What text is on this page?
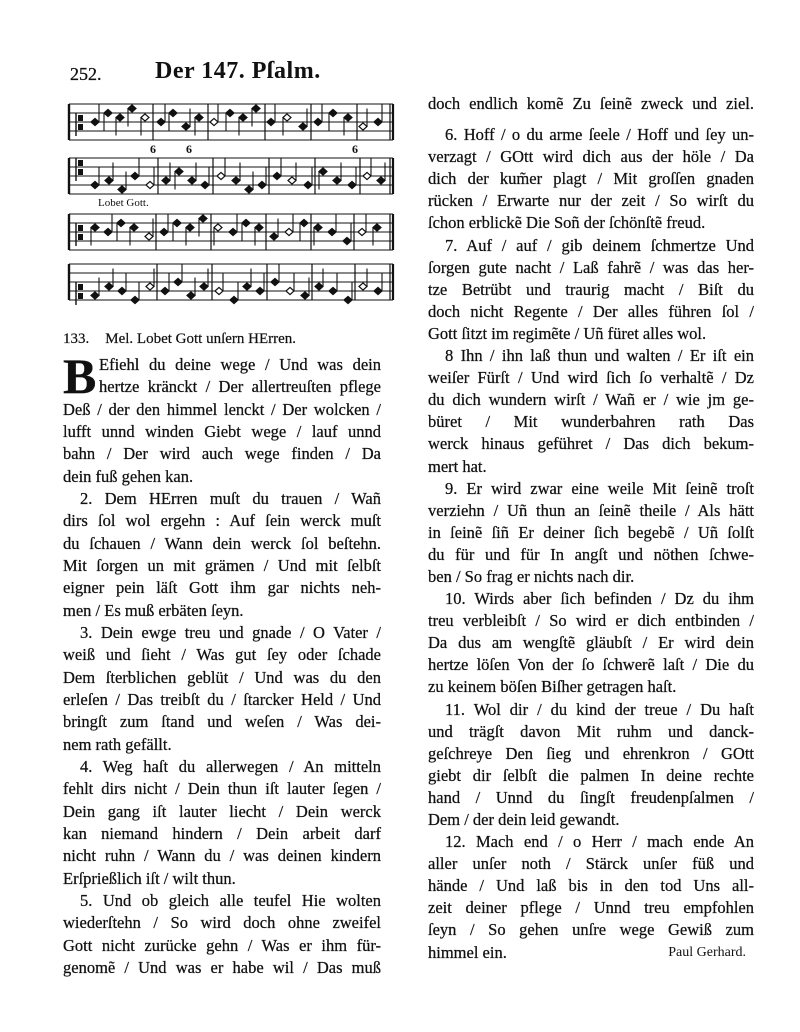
252. Der 147. Pſalm.
6	6	6
Lobet Gott.
133. Mel. Lobet Gott unſern HErren.
B Efiehl du deine wege / Und was dein
hertze kränckt / Der allertreuſten pflege
Deß / der den himmel lenckt / Der wolcken /
lufft unnd winden Giebt wege / lauf unnd
bahn / Der wird auch wege finden / Da
dein fuß gehen kan.
2. Dem HErren muſt du trauen / Wañ
dirs ſol wol ergehn : Auf ſein werck muſt
du ſchauen / Wann dein werck ſol beſtehn.
Mit ſorgen un mit grämen / Und mit ſelbſt
eigner pein läſt Gott ihm gar nichts neh-
men / Es muß erbäten ſeyn.
3. Dein ewge treu und gnade / O Vater /
weiß und ſieht / Was gut ſey oder ſchade
Dem ſterblichen geblüt / Und was du den
erleſen / Das treibſt du / ſtarcker Held / Und
bringſt zum ſtand und weſen / Was dei-
nem rath gefällt.
4. Weg haſt du allerwegen / An mitteln
fehlt dirs nicht / Dein thun iſt lauter ſegen /
Dein gang iſt lauter liecht / Dein werck
kan niemand hindern / Dein arbeit darf
nicht ruhn / Wann du / was deinen kindern
Erſprießlich iſt / wilt thun.
5. Und ob gleich alle teufel Hie wolten
wiederſtehn / So wird doch ohne zweifel
Gott nicht zurücke gehn / Was er ihm für-
genomẽ / Und was er habe wil / Das muß
Paul Gerhard.
doch endlich komẽ Zu ſeinẽ zweck und ziel.
6. Hoff / o du arme ſeele / Hoff und ſey un-
verzagt / GOtt wird dich aus der höle / Da
dich der kum̃er plagt / Mit groſſen gnaden
rücken / Erwarte nur der zeit / So wirſt du
ſchon erblickẽ Die Soñ der ſchönſtẽ freud.
7. Auf / auf / gib deinem ſchmertze Und
ſorgen gute nacht / Laß fahrẽ / was das her-
tze Betrübt und traurig macht / Biſt du
doch nicht Regente / Der alles führen ſol /
Gott ſitzt im regimẽte / Uñ füret alles wol.
8 Ihn / ihn laß thun und walten / Er iſt ein
weiſer Fürſt / Und wird ſich ſo verhaltẽ / Dz
du dich wundern wirſt / Wañ er / wie jm ge-
büret / Mit wunderbahren rath Das
werck hinaus geführet / Das dich bekum-
mert hat.
9. Er wird zwar eine weile Mit ſeinẽ troſt
verziehn / Uñ thun an ſeinẽ theile / Als hätt
in ſeinẽ ſiñ Er deiner ſich begebẽ / Uñ ſolſt
du für und für In angſt und nöthen ſchwe-
ben / So frag er nichts nach dir.
10. Wirds aber ſich befinden / Dz du ihm
treu verbleibſt / So wird er dich entbinden /
Da dus am wengſtẽ gläubſt / Er wird dein
hertze löſen Von der ſo ſchwerẽ laſt / Die du
zu keinem böſen Biſher getragen haſt.
11. Wol dir / du kind der treue / Du haſt
und trägſt davon Mit ruhm und danck-
geſchreye Den ſieg und ehrenkron / GOtt
giebt dir ſelbſt die palmen In deine rechte
hand / Unnd du ſingſt freudenpſalmen /
Dem / der dein leid gewandt.
12. Mach end / o Herr / mach ende An
aller unſer noth / Stärck unſer füß und
hände / Und laß bis in den tod Uns all-
zeit deiner pflege / Unnd treu empfohlen
ſeyn / So gehen unſre wege Gewiß zum
himmel ein.
